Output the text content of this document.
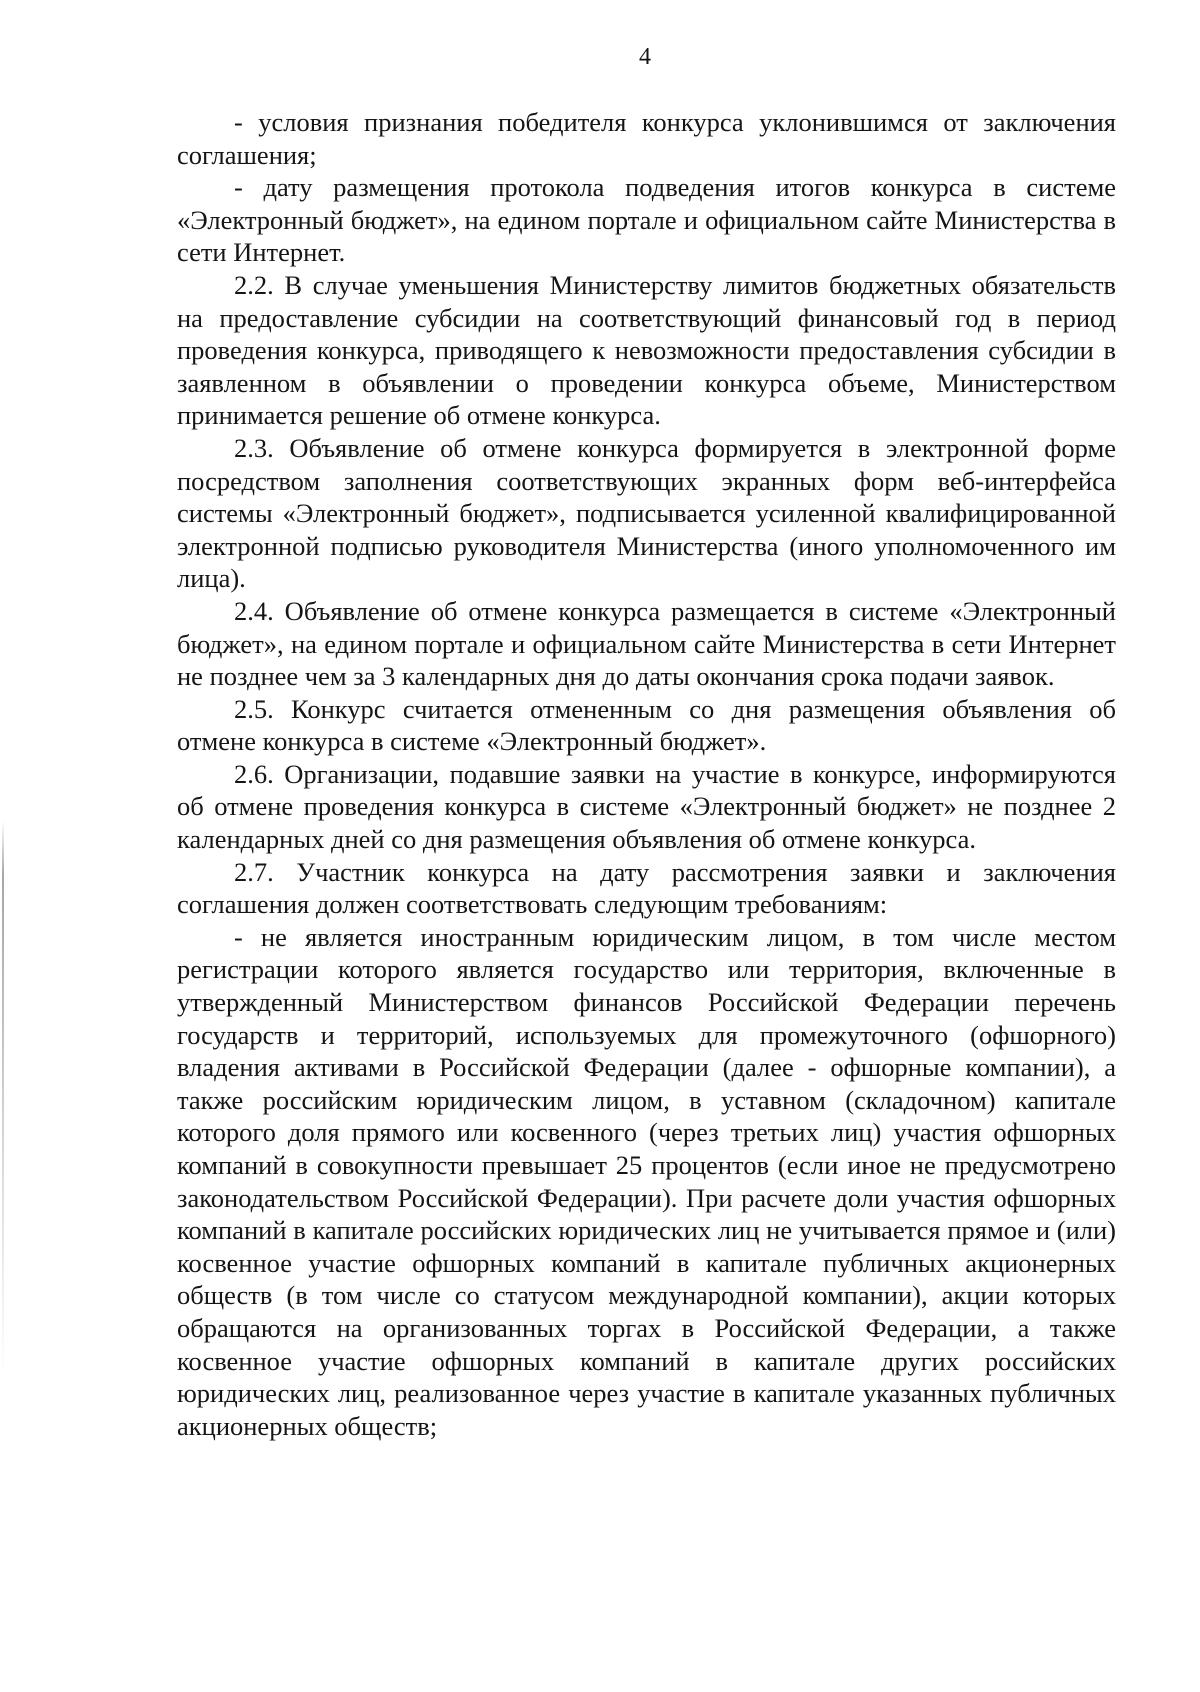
4

- условия признания победителя конкурса уклонившимся от заключения соглашения;

- дату размещения протокола подведения итогов конкурса в системе «Электронный бюджет», на едином портале и официальном сайте Министерства в сети Интернет.

2.2. В случае уменьшения Министерству лимитов бюджетных обязательств на предоставление субсидии на соответствующий финансовый год в период проведения конкурса, приводящего к невозможности предоставления субсидии в заявленном в объявлении о проведении конкурса объеме, Министерством принимается решение об отмене конкурса.

2.3. Объявление об отмене конкурса формируется в электронной форме посредством заполнения соответствующих экранных форм веб-интерфейса системы «Электронный бюджет», подписывается усиленной квалифицированной электронной подписью руководителя Министерства (иного уполномоченного им лица).

2.4. Объявление об отмене конкурса размещается в системе «Электронный бюджет», на едином портале и официальном сайте Министерства в сети Интернет не позднее чем за 3 календарных дня до даты окончания срока подачи заявок.

2.5. Конкурс считается отмененным со дня размещения объявления об отмене конкурса в системе «Электронный бюджет».

2.6. Организации, подавшие заявки на участие в конкурсе, информируются об отмене проведения конкурса в системе «Электронный бюджет» не позднее 2 календарных дней со дня размещения объявления об отмене конкурса.

2.7. Участник конкурса на дату рассмотрения заявки и заключения соглашения должен соответствовать следующим требованиям:

- не является иностранным юридическим лицом, в том числе местом регистрации которого является государство или территория, включенные в утвержденный Министерством финансов Российской Федерации перечень государств и территорий, используемых для промежуточного (офшорного) владения активами в Российской Федерации (далее - офшорные компании), а также российским юридическим лицом, в уставном (складочном) капитале которого доля прямого или косвенного (через третьих лиц) участия офшорных компаний в совокупности превышает 25 процентов (если иное не предусмотрено законодательством Российской Федерации). При расчете доли участия офшорных компаний в капитале российских юридических лиц не учитывается прямое и (или) косвенное участие офшорных компаний в капитале публичных акционерных обществ (в том числе со статусом международной компании), акции которых обращаются на организованных торгах в Российской Федерации, а также косвенное участие офшорных компаний в капитале других российских юридических лиц, реализованное через участие в капитале указанных публичных акционерных обществ;
